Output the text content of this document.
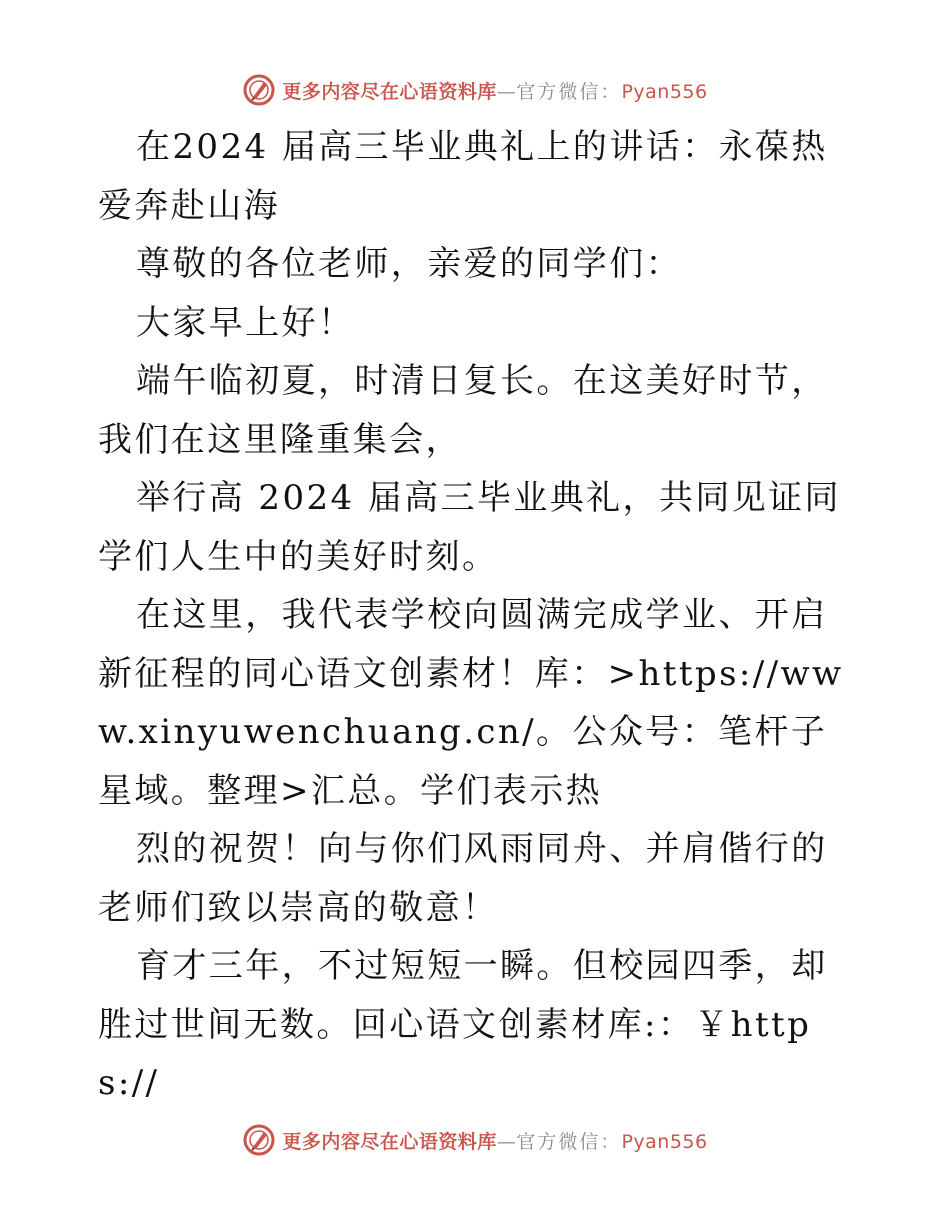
更多内容尽在心语资料库—官方微信：Pyan556

在2024 届高三毕业典礼上的讲话：永葆热爱奔赴山海

尊敬的各位老师，亲爱的同学们：

大家早上好！

端午临初夏，时清日复长。在这美好时节，我们在这里隆重集会，

举行高 2024 届高三毕业典礼，共同见证同学们人生中的美好时刻。

在这里，我代表学校向圆满完成学业、开启新征程的同心语文创素材！库：>https://www.xinyuwenchuang.cn/。公众号：笔杆子星域。整理>汇总。学们表示热

烈的祝贺！向与你们风雨同舟、并肩偕行的老师们致以崇高的敬意！

育才三年，不过短短一瞬。但校园四季，却胜过世间无数。回心语文创素材库:：￥https://

更多内容尽在心语资料库—官方微信：Pyan556
